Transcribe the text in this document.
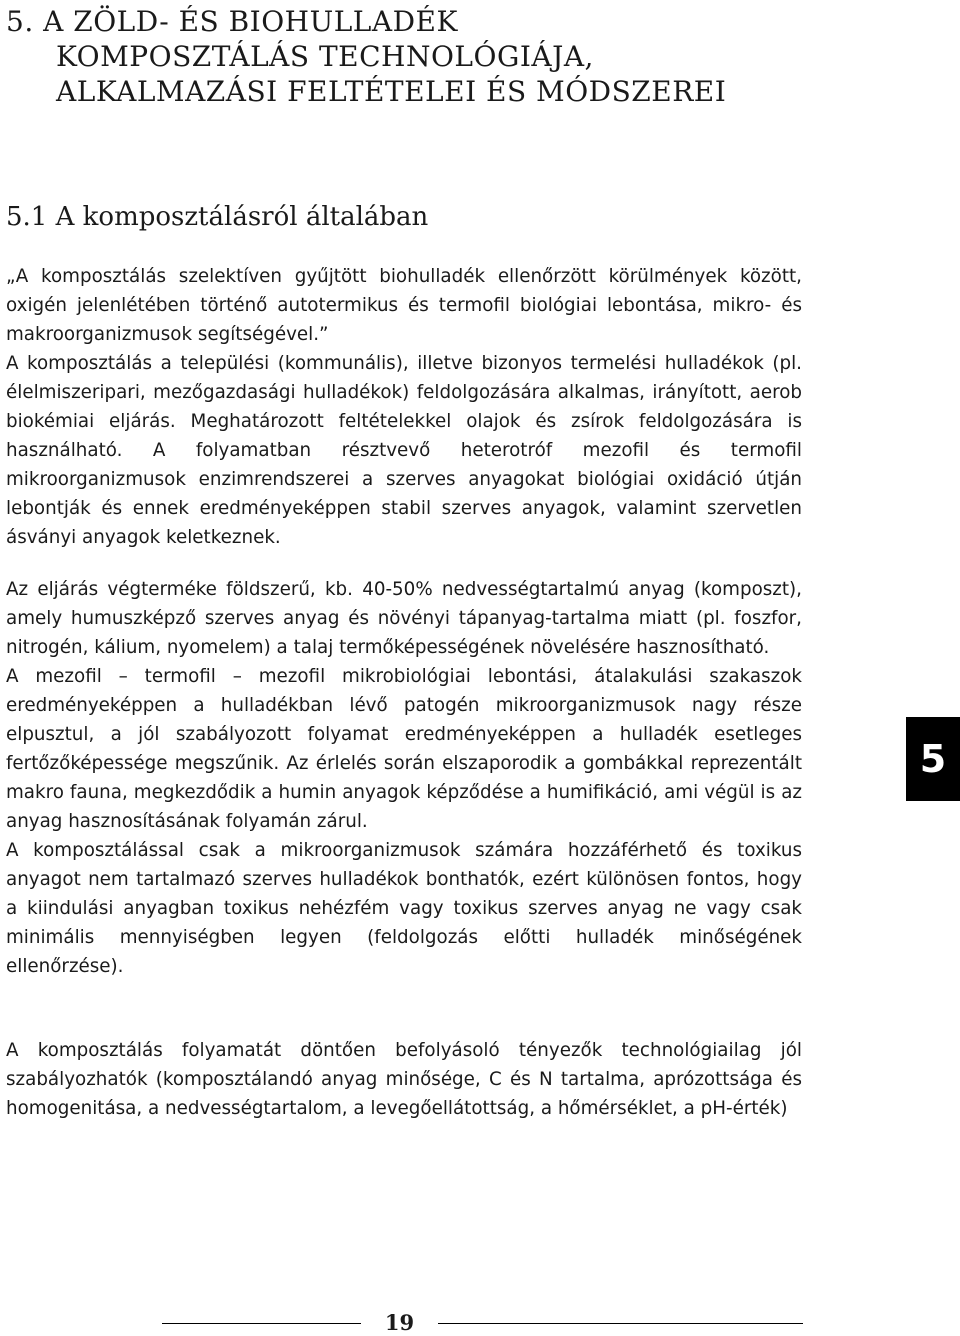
5. A ZÖLD- ÉS BIOHULLADÉK
KOMPOSZTÁLÁS TECHNOLÓGIÁJA,
ALKALMAZÁSI FELTÉTELEI ÉS MÓDSZEREI
5.1 A komposztálásról általában

„A komposztálás szelektíven gyűjtött biohulladék ellenőrzött körülmények között, oxigén jelenlétében történő autotermikus és termofil biológiai lebontása, mikro- és makroorganizmusok segítségével.”

A komposztálás a települési (kommunális), illetve bizonyos termelési hulladékok (pl. élelmiszeripari, mezőgazdasági hulladékok) feldolgozására alkalmas, irányított, aerob biokémiai eljárás. Meghatározott feltételekkel olajok és zsírok feldolgozására is használható. A folyamatban résztvevő heterotróf mezofil és termofil mikroorganizmusok enzimrendszerei a szerves anyagokat biológiai oxidáció útján lebontják és ennek eredményeképpen stabil szerves anyagok, valamint szervetlen ásványi anyagok keletkeznek.

Az eljárás végterméke földszerű, kb. 40-50% nedvességtartalmú anyag (komposzt), amely humuszképző szerves anyag és növényi tápanyag-tartalma miatt (pl. foszfor, nitrogén, kálium, nyomelem) a talaj termőképességének növelésére hasznosítható.

A mezofil – termofil – mezofil mikrobiológiai lebontási, átalakulási szakaszok eredményeképpen a hulladékban lévő patogén mikroorganizmusok nagy része elpusztul, a jól szabályozott folyamat eredményeképpen a hulladék esetleges fertőzőképessége megszűnik. Az érlelés során elszaporodik a gombákkal reprezentált makro fauna, megkezdődik a humin anyagok képződése a humifikáció, ami végül is az anyag hasznosításának folyamán zárul.

A komposztálással csak a mikroorganizmusok számára hozzáférhető és toxikus anyagot nem tartalmazó szerves hulladékok bonthatók, ezért különösen fontos, hogy a kiindulási anyagban toxikus nehézfém vagy toxikus szerves anyag ne vagy csak minimális mennyiségben legyen (feldolgozás előtti hulladék minőségének ellenőrzése).

A komposztálás folyamatát döntően befolyásoló tényezők technológiailag jól szabályozhatók (komposztálandó anyag minősége, C és N tartalma, aprózottsága és homogenitása, a nedvességtartalom, a levegőellátottság, a hőmérséklet, a pH-érték)

5
19
